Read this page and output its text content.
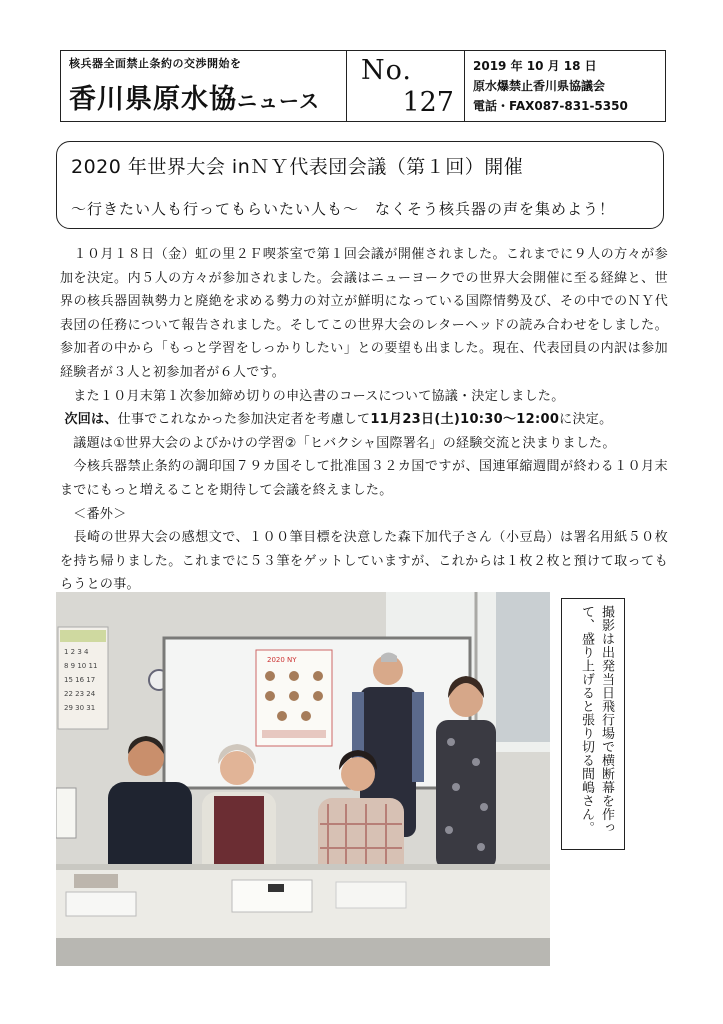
核兵器全面禁止条約の交渉開始を
香川県原水協ニュース
No.
127
2019 年 10 月 18 日
原水爆禁止香川県協議会
電話・FAX087-831-5350
2020 年世界大会 inＮＹ代表団会議（第１回）開催
〜行きたい人も行ってもらいたい人も〜　なくそう核兵器の声を集めよう！

　１０月１８日（金）虹の里２Ｆ喫茶室で第１回会議が開催されました。これまでに９人の方々が参加を決定。内５人の方々が参加されました。会議はニューヨークでの世界大会開催に至る経緯と、世界の核兵器固執勢力と廃絶を求める勢力の対立が鮮明になっている国際情勢及び、その中でのＮＹ代表団の任務について報告されました。そしてこの世界大会のレターヘッドの読み合わせをしました。参加者の中から「もっと学習をしっかりしたい」との要望も出ました。現在、代表団員の内訳は参加経験者が３人と初参加者が６人です。

　また１０月末第１次参加締め切りの申込書のコースについて協議・決定しました。

次回は、仕事でこれなかった参加決定者を考慮して11月23日(土)10:30～12:00に決定。

　議題は①世界大会のよびかけの学習②「ヒバクシャ国際署名」の経験交流と決まりました。

　今核兵器禁止条約の調印国７９カ国そして批准国３２カ国ですが、国連軍縮週間が終わる１０月末までにもっと増えることを期待して会議を終えました。

　＜番外＞

　長崎の世界大会の感想文で、１００筆目標を決意した森下加代子さん（小豆島）は署名用紙５０枚を持ち帰りました。これまでに５３筆をゲットしていますが、これからは１枚２枚と預けて取ってもらうとの事。

1 2 3 4
8 9 10 11
15 16 17
22 23 24
29 30 31
2020 NY	撮影は出発当日飛行場で横断幕を作って、盛り上げると張り切る間嶋さん。
